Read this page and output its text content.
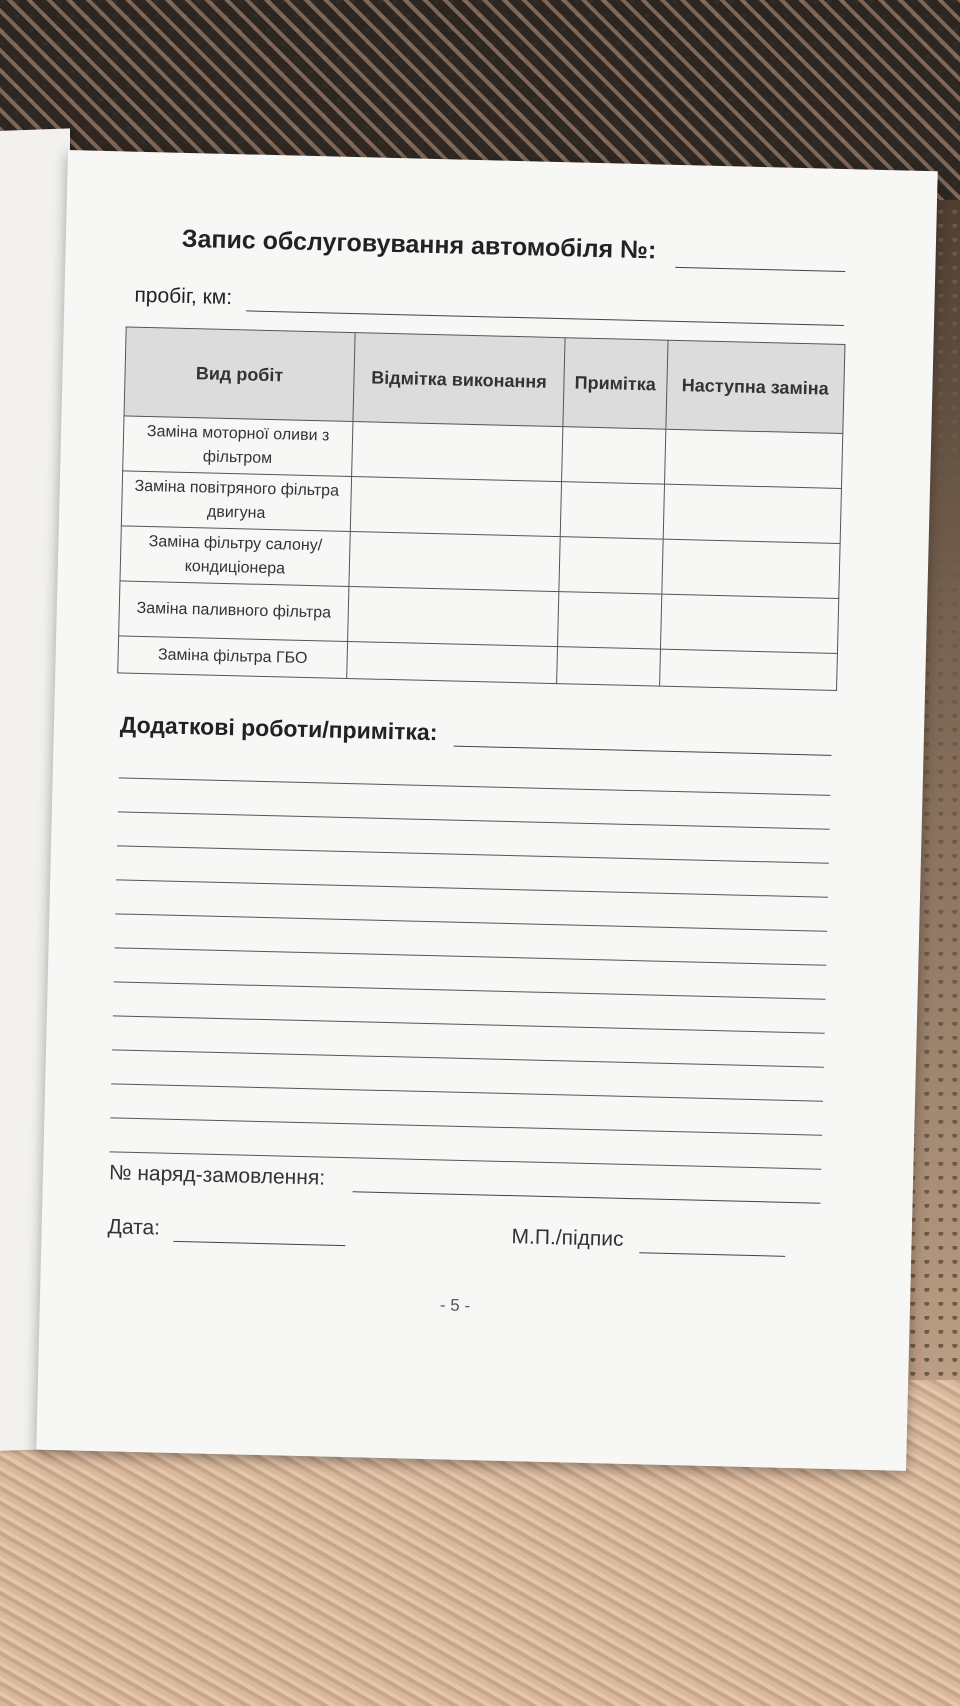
Запис обслуговування автомобіля №:
пробіг, км:
Вид робіт	Відмітка виконання	Примітка	Наступна заміна
Заміна моторної оливи з фільтром			
Заміна повітряного фільтра двигуна			
Заміна фільтру салону/кондиціонера			
Заміна паливного фільтра			
Заміна фільтра ГБО			
Додаткові роботи/примітка:
№ наряд-замовлення:
Дата:	М.П./підпис
- 5 -
